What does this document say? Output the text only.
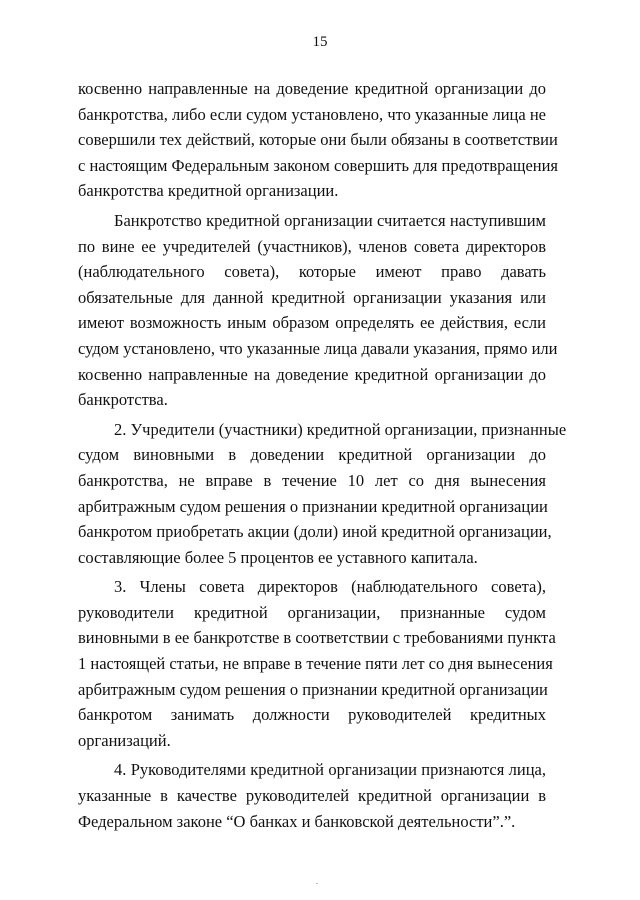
15

косвенно направленные на доведение кредитной организации до
банкротства, либо если судом установлено, что указанные лица не
совершили тех действий, которые они были обязаны в соответствии
с настоящим Федеральным законом совершить для предотвращения
банкротства кредитной организации.

Банкротство кредитной организации считается наступившим
по вине ее учредителей (участников), членов совета директоров
(наблюдательного совета), которые имеют право давать
обязательные для данной кредитной организации указания или
имеют возможность иным образом определять ее действия, если
судом установлено, что указанные лица давали указания, прямо или
косвенно направленные на доведение кредитной организации до
банкротства.

2. Учредители (участники) кредитной организации, признанные
судом виновными в доведении кредитной организации до
банкротства, не вправе в течение 10 лет со дня вынесения
арбитражным судом решения о признании кредитной организации
банкротом приобретать акции (доли) иной кредитной организации,
составляющие более 5 процентов ее уставного капитала.

3. Члены совета директоров (наблюдательного совета),
руководители кредитной организации, признанные судом
виновными в ее банкротстве в соответствии с требованиями пункта
1 настоящей статьи, не вправе в течение пяти лет со дня вынесения
арбитражным судом решения о признании кредитной организации
банкротом занимать должности руководителей кредитных
организаций.

4. Руководителями кредитной организации признаются лица,
указанные в качестве руководителей кредитной организации в
Федеральном законе “О банках и банковской деятельности”.”.
